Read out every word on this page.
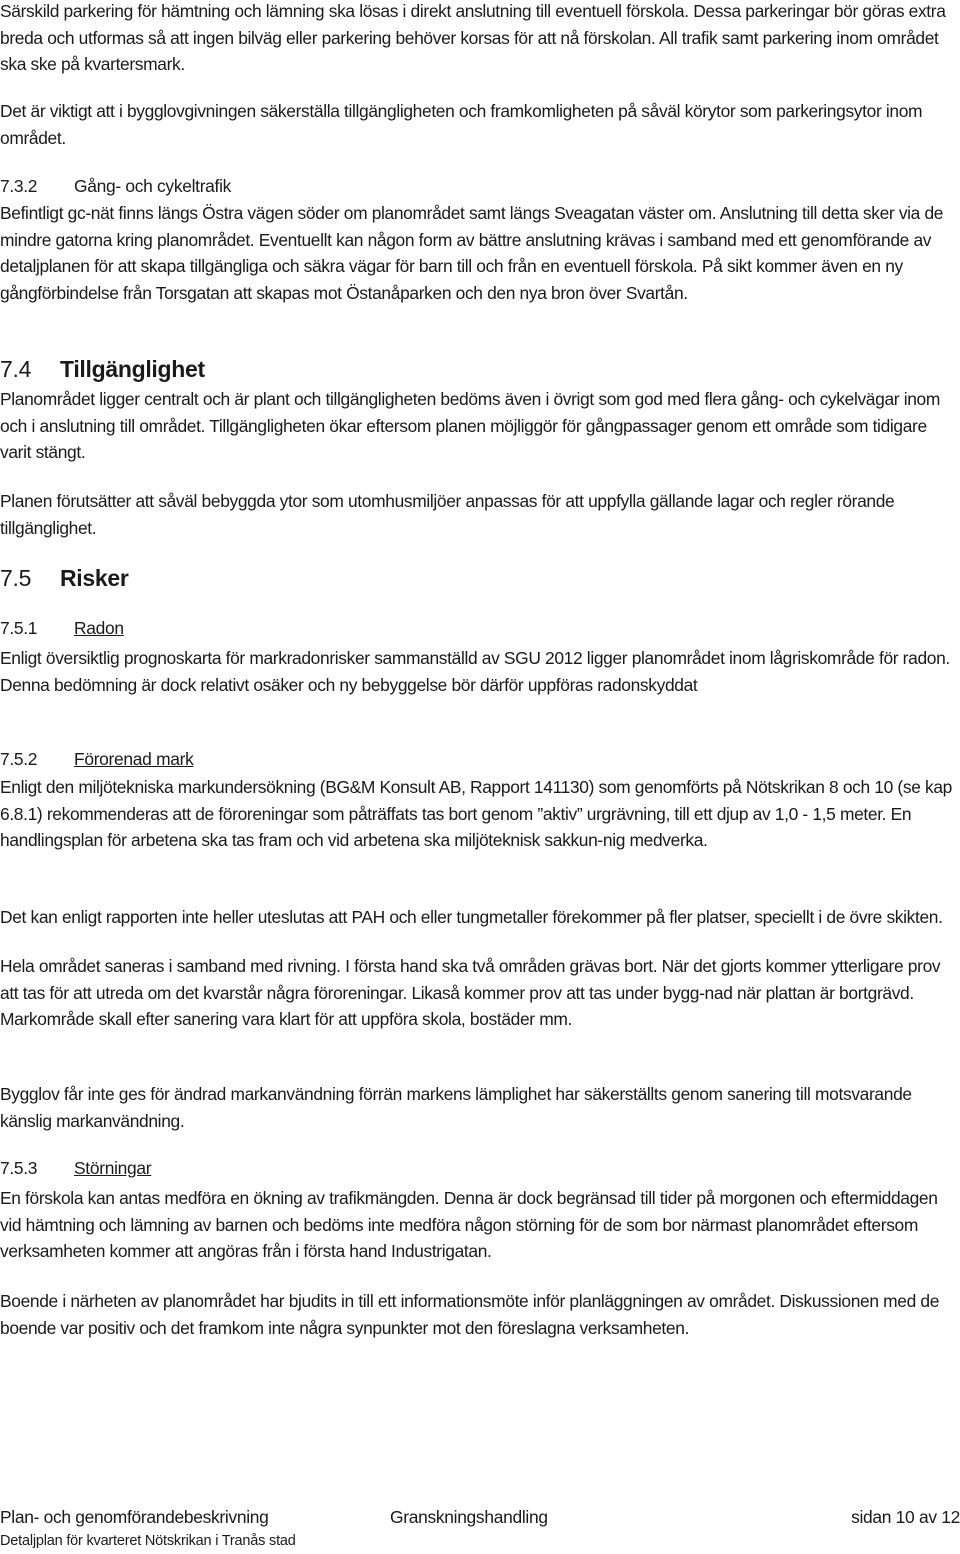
Särskild parkering för hämtning och lämning ska lösas i direkt anslutning till eventuell förskola. Dessa parkeringar bör göras extra breda och utformas så att ingen bilväg eller parkering behöver korsas för att nå förskolan. All trafik samt parkering inom området ska ske på kvartersmark.

Det är viktigt att i bygglovgivningen säkerställa tillgängligheten och framkomligheten på såväl körytor som parkeringsytor inom området.

7.3.2 Gång- och cykeltrafik

Befintligt gc-nät finns längs Östra vägen söder om planområdet samt längs Sveagatan väster om. Anslutning till detta sker via de mindre gatorna kring planområdet. Eventuellt kan någon form av bättre anslutning krävas i samband med ett genomförande av detaljplanen för att skapa tillgängliga och säkra vägar för barn till och från en eventuell förskola. På sikt kommer även en ny gångförbindelse från Torsgatan att skapas mot Östanåparken och den nya bron över Svartån.

7.4 Tillgänglighet

Planområdet ligger centralt och är plant och tillgängligheten bedöms även i övrigt som god med flera gång- och cykelvägar inom och i anslutning till området. Tillgängligheten ökar eftersom planen möjliggör för gångpassager genom ett område som tidigare varit stängt.

Planen förutsätter att såväl bebyggda ytor som utomhusmiljöer anpassas för att uppfylla gällande lagar och regler rörande tillgänglighet.

7.5 Risker
7.5.1 Radon

Enligt översiktlig prognoskarta för markradonrisker sammanställd av SGU 2012 ligger planområdet inom lågriskområde för radon. Denna bedömning är dock relativt osäker och ny bebyggelse bör därför uppföras radonskyddat

7.5.2 Förorenad mark

Enligt den miljötekniska markundersökning (BG&M Konsult AB, Rapport 141130) som genomförts på Nötskrikan 8 och 10 (se kap 6.8.1) rekommenderas att de föroreningar som påträffats tas bort genom ”aktiv” urgrävning, till ett djup av 1,0 - 1,5 meter. En handlingsplan för arbetena ska tas fram och vid arbetena ska miljöteknisk sakkun-nig medverka.

Det kan enligt rapporten inte heller uteslutas att PAH och eller tungmetaller förekommer på fler platser, speciellt i de övre skikten.

Hela området saneras i samband med rivning. I första hand ska två områden grävas bort. När det gjorts kommer ytterligare prov att tas för att utreda om det kvarstår några föroreningar. Likaså kommer prov att tas under bygg-nad när plattan är bortgrävd. Markområde skall efter sanering vara klart för att uppföra skola, bostäder mm.

Bygglov får inte ges för ändrad markanvändning förrän markens lämplighet har säkerställts genom sanering till motsvarande känslig markanvändning.

7.5.3 Störningar

En förskola kan antas medföra en ökning av trafikmängden. Denna är dock begränsad till tider på morgonen och eftermiddagen vid hämtning och lämning av barnen och bedöms inte medföra någon störning för de som bor närmast planområdet eftersom verksamheten kommer att angöras från i första hand Industrigatan.

Boende i närheten av planområdet har bjudits in till ett informationsmöte inför planläggningen av området. Diskussionen med de boende var positiv och det framkom inte några synpunkter mot den föreslagna verksamheten.

Plan- och genomförandebeskrivning	Granskningshandling	sidan 10 av 12
Detaljplan för kvarteret Nötskrikan i Tranås stad
